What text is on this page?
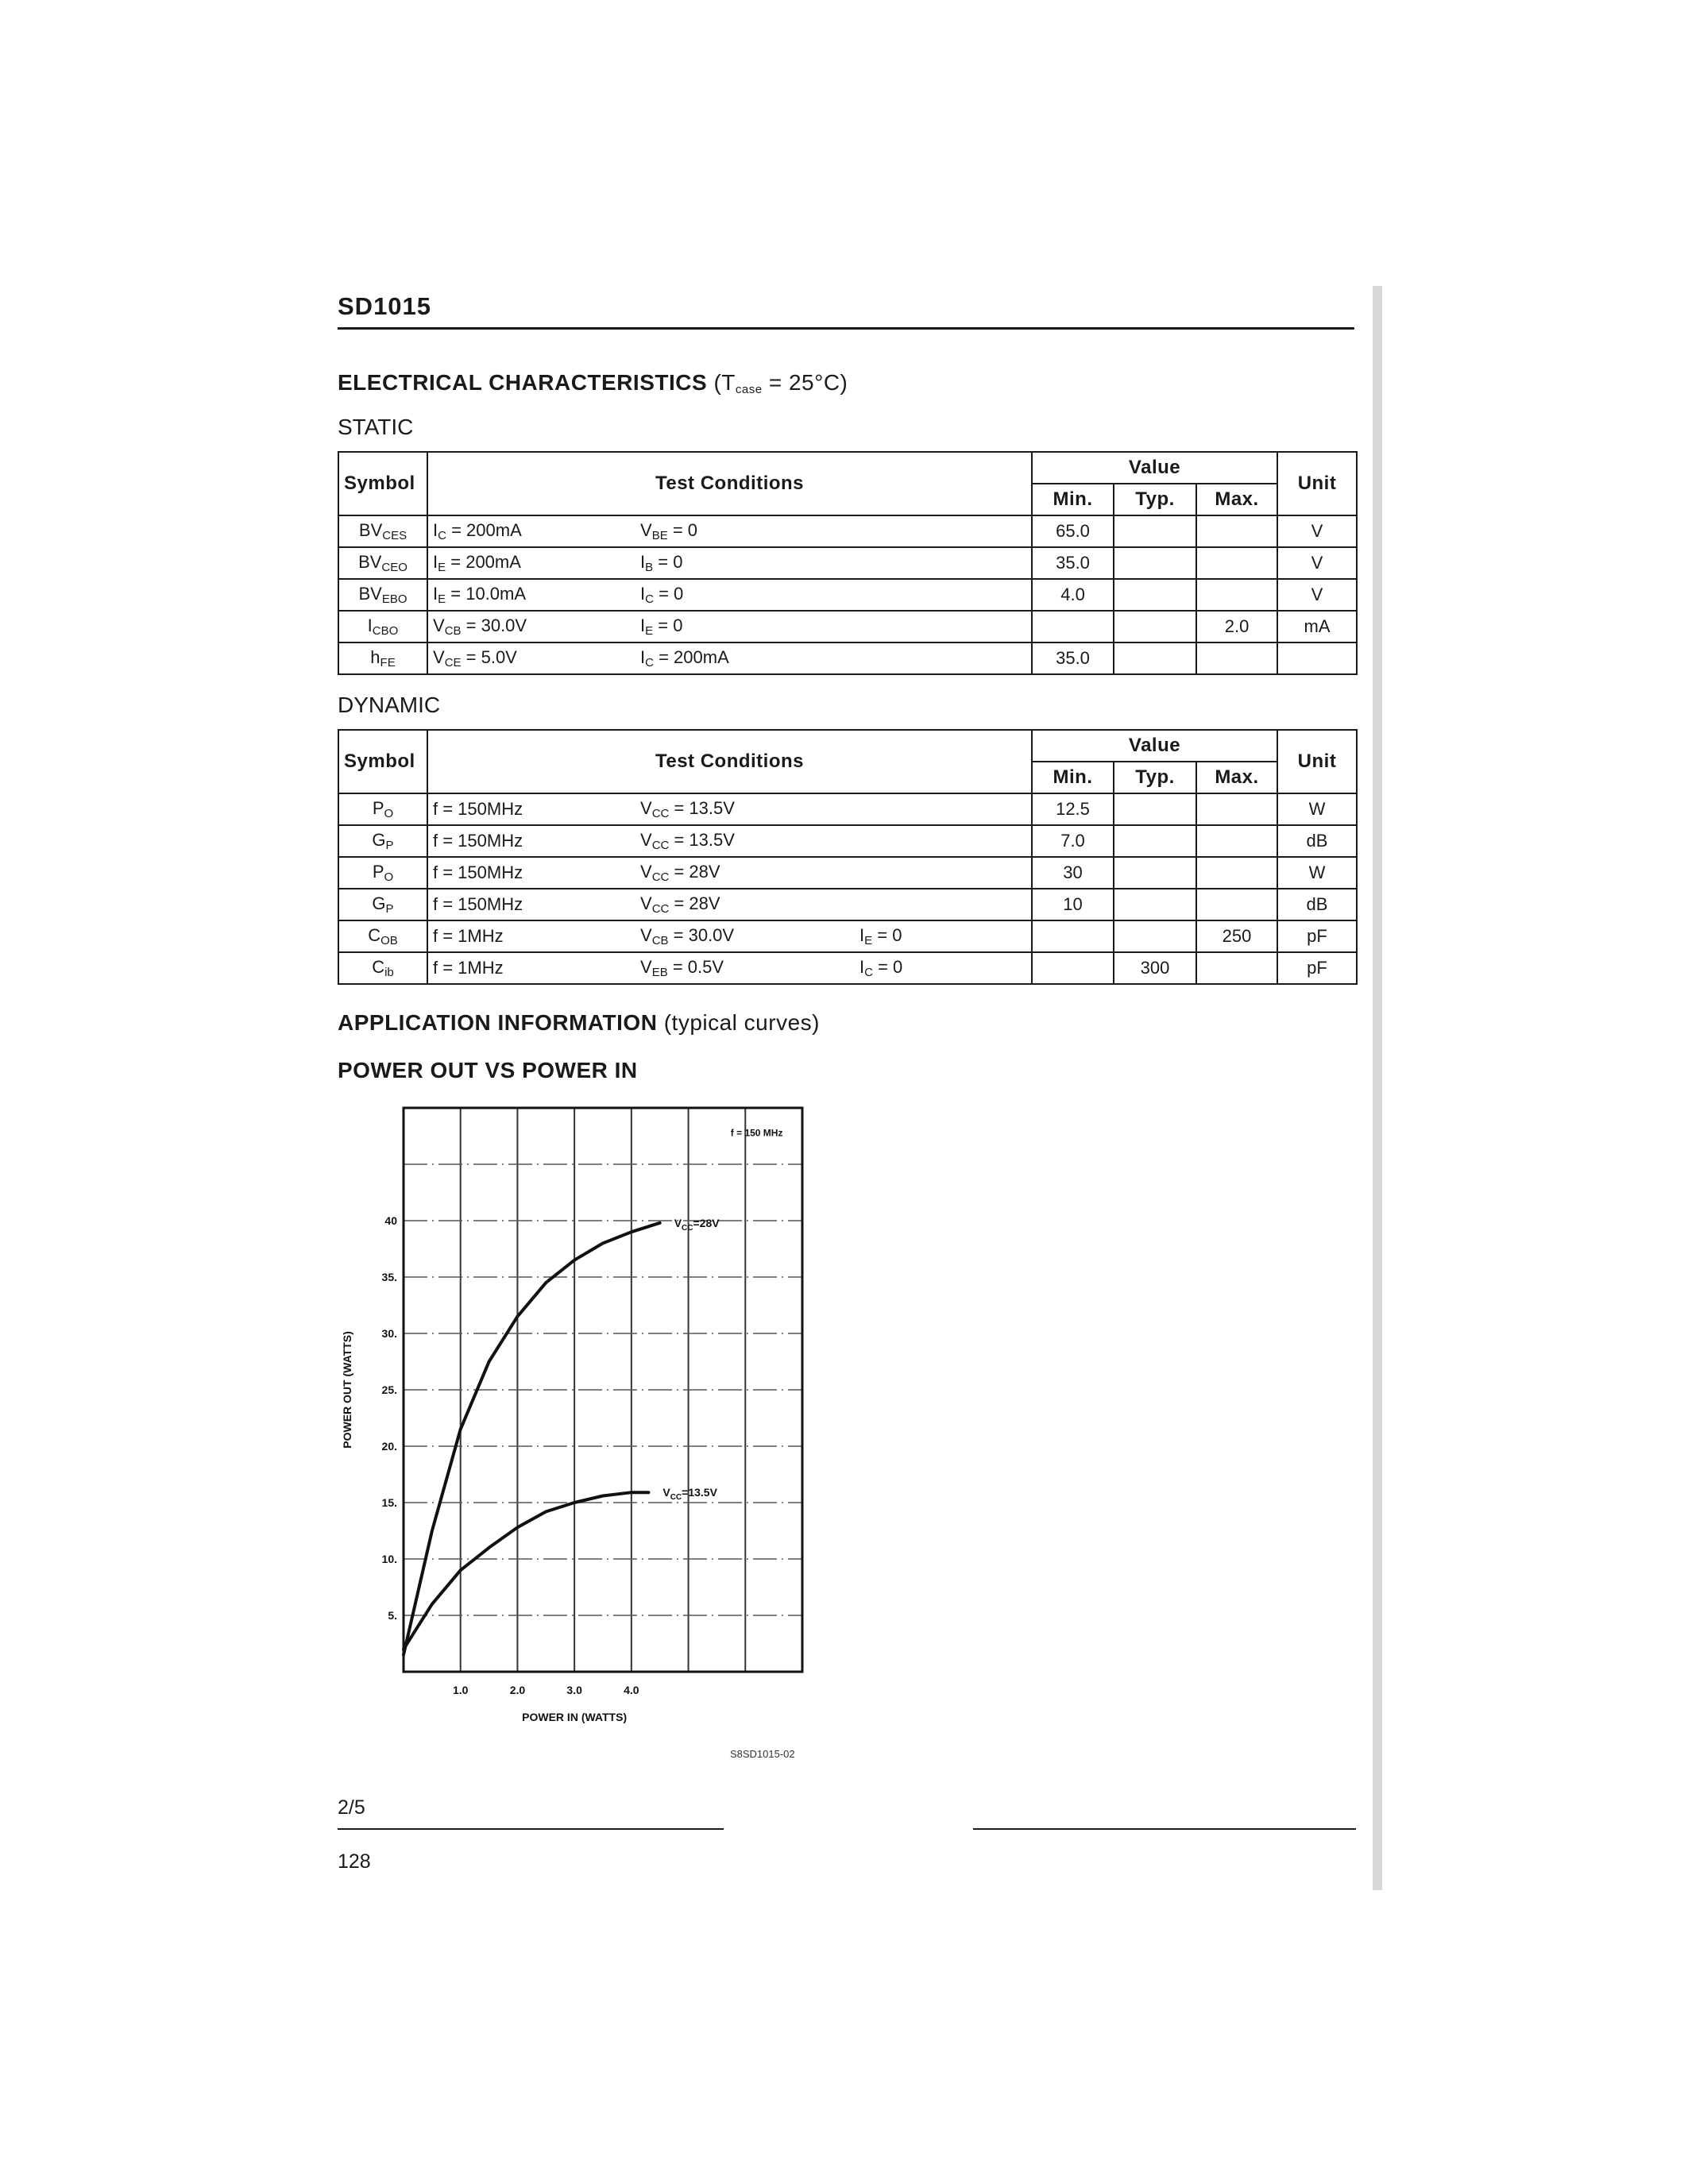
SD1015
ELECTRICAL CHARACTERISTICS $(T_{case} = 25^\circ C)$
STATIC
Symbol	Test Conditions		Value			Unit
			Min.	Typ.	Max.	
$BV_{CES}$	$I_C = 200mA$	$V_{BE} = 0$	65.0			V
$BV_{CEO}$	$I_E = 200mA$	$I_B = 0$	35.0			V
$BV_{EBO}$	$I_E = 10.0mA$	$I_C = 0$	4.0			V
$I_{CBO}$	$V_{CB} = 30.0V$	$I_E = 0$			2.0	mA
$h_{FE}$	$V_{CE} = 5.0V$	$I_C = 200mA$	35.0			
DYNAMIC
Symbol	Test Conditions			Value			Unit
				Min.	Typ.	Max.	
$P_O$	f = 150MHz	$V_{CC} = 13.5V$		12.5			W
$G_P$	f = 150MHz	$V_{CC} = 13.5V$		7.0			dB
$P_O$	f = 150MHz	$V_{CC} = 28V$		30			W
$G_P$	f = 150MHz	$V_{CC} = 28V$		10			dB
$C_{OB}$	f = 1MHz	$V_{CB} = 30.0V$	$I_E = 0$			250	pF
$C_{ib}$	f = 1MHz	$V_{EB} = 0.5V$	$I_C = 0$		300		pF
APPLICATION INFORMATION (typical curves)
POWER OUT VS POWER IN
1.0	2.0	3.0	4.0
5.
10.
15.
20.
25.
30.
35.
40
POWER IN (WATTS)
POWER OUT (WATTS)
f = 150 MHz
$V_{CC}=28V$
$V_{CC}=13.5V$
S8SD1015-02
2/5
128
